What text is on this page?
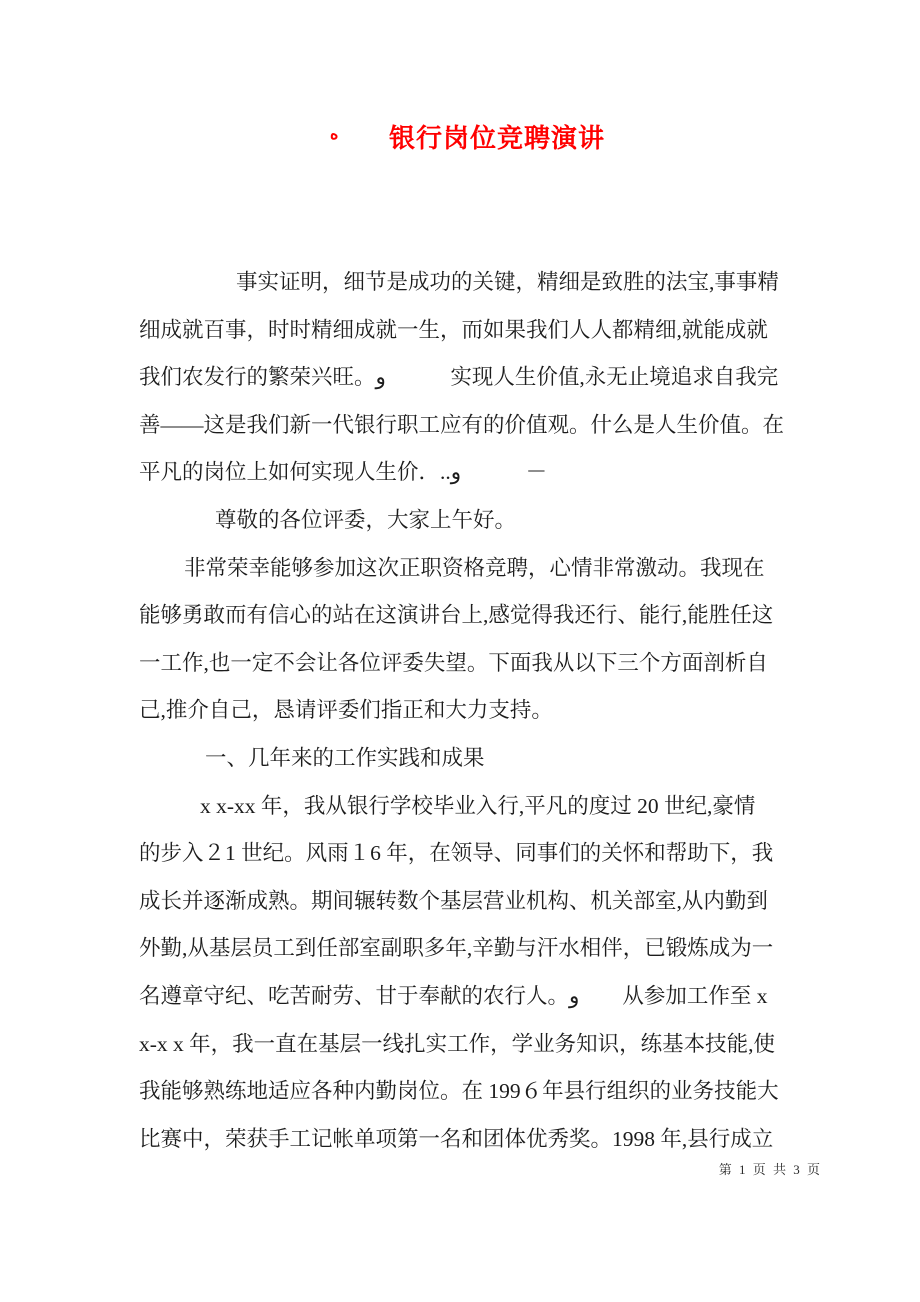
ه 银行岗位竞聘演讲
事实证明，细节是成功的关键，精细是致胜的法宝,事事精
细成就百事，时时精细成就一生，而如果我们人人都精细,就能成就
我们农发行的繁荣兴旺。و　　　实现人生价值,永无止境追求自我完
善——这是我们新一代银行职工应有的价值观。什么是人生价值。在
平凡的岗位上如何实现人生价．..و　　　－
尊敬的各位评委，大家上午好。
非常荣幸能够参加这次正职资格竞聘，心情非常激动。我现在
能够勇敢而有信心的站在这演讲台上,感觉得我还行、能行,能胜任这
一工作,也一定不会让各位评委失望。下面我从以下三个方面剖析自
己,推介自己，恳请评委们指正和大力支持。
一、几年来的工作实践和成果
x x-xx 年，我从银行学校毕业入行,平凡的度过 20 世纪,豪情
的步入２1 世纪。风雨１6 年，在领导、同事们的关怀和帮助下，我
成长并逐渐成熟。期间辗转数个基层营业机构、机关部室,从内勤到
外勤,从基层员工到任部室副职多年,辛勤与汗水相伴，已锻炼成为一
名遵章守纪、吃苦耐劳、甘于奉献的农行人。و　　从参加工作至 x
x-x x 年，我一直在基层一线扎实工作，学业务知识，练基本技能,使
我能够熟练地适应各种内勤岗位。在 199６年县行组织的业务技能大
比赛中，荣获手工记帐单项第一名和团体优秀奖。1998 年,县行成立
第 1 页 共 3 页
